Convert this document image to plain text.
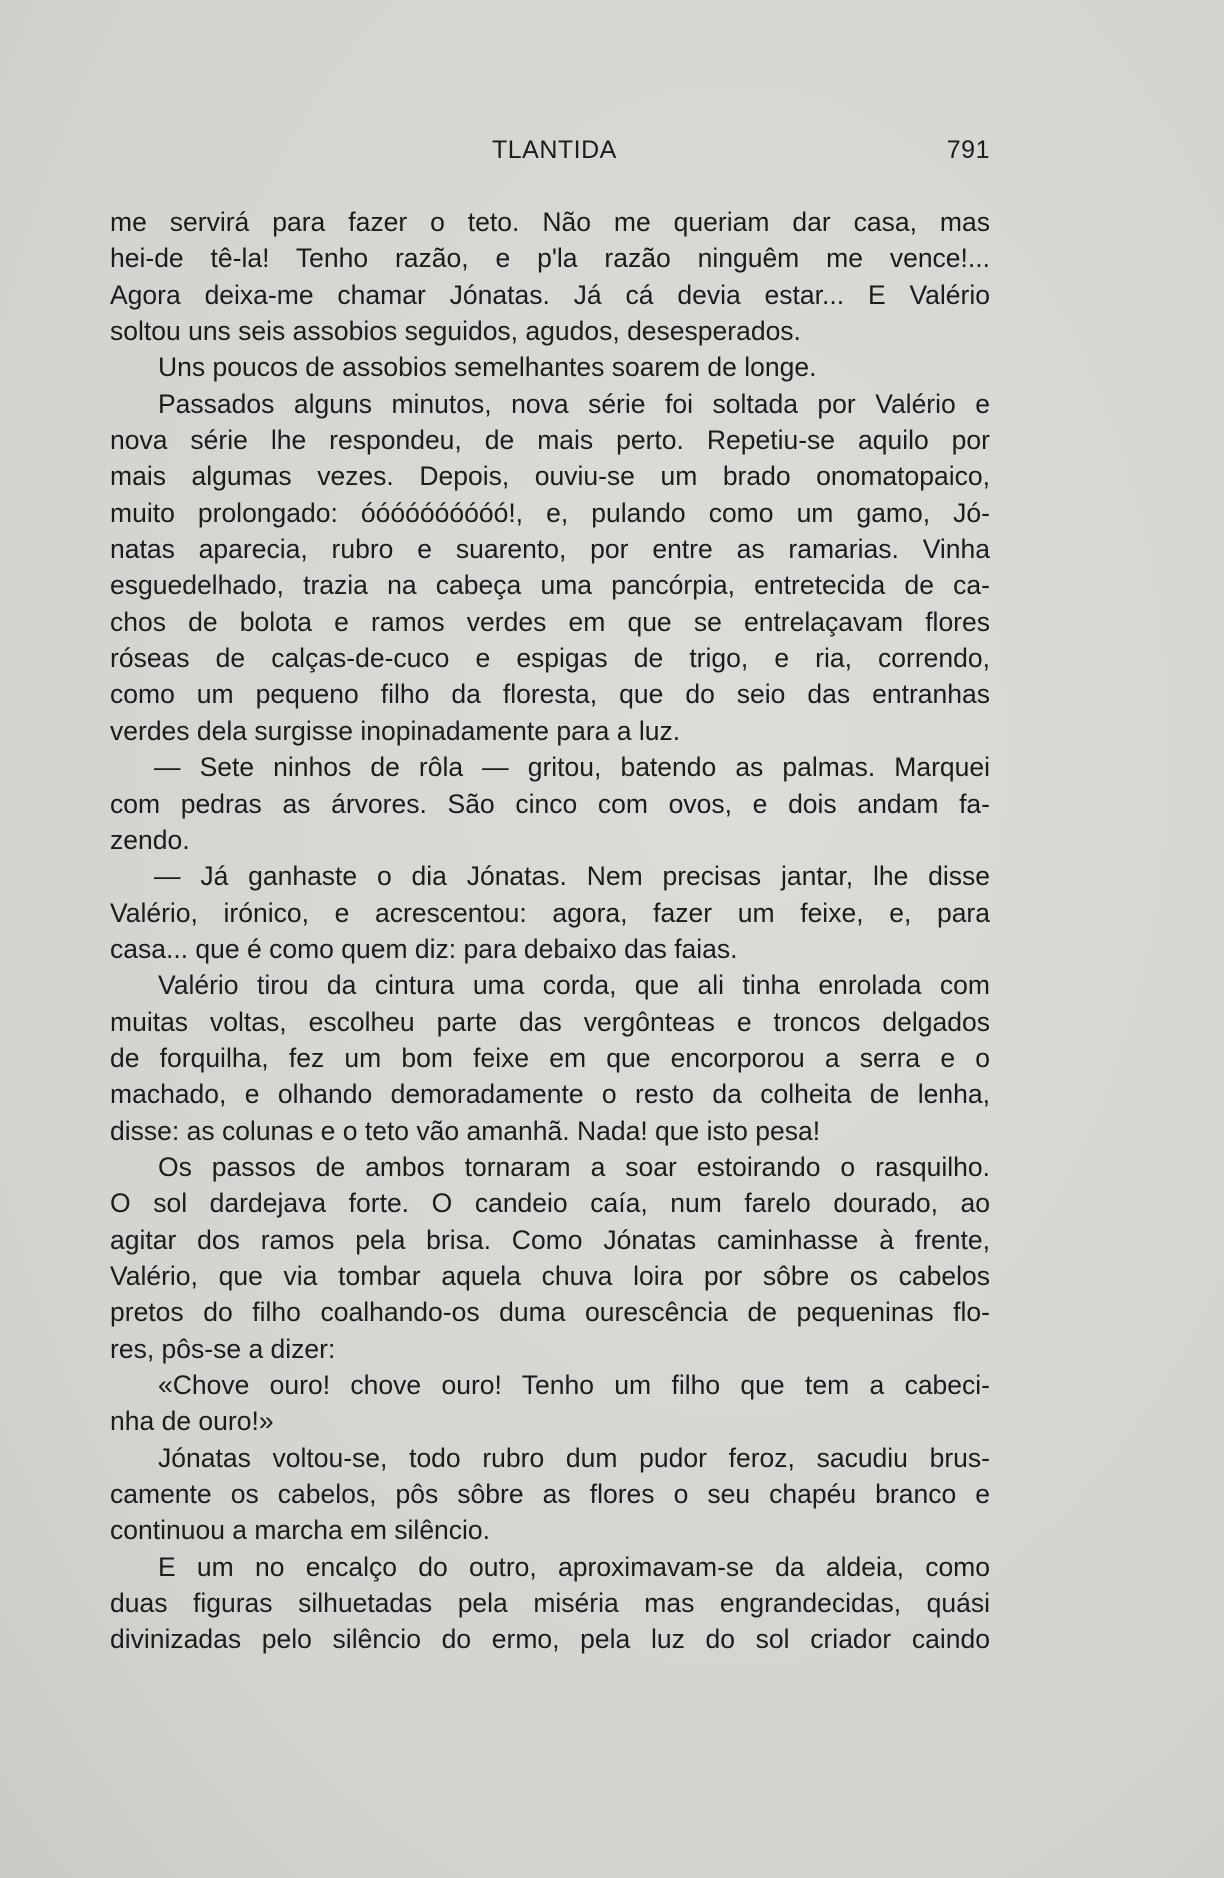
TLANTIDA	791
me servirá para fazer o teto. Não me queriam dar casa, mas
hei-de tê-la! Tenho razão, e p'la razão ninguêm me vence!...
Agora deixa-me chamar Jónatas. Já cá devia estar... E Valério
soltou uns seis assobios seguidos, agudos, desesperados.
Uns poucos de assobios semelhantes soarem de longe.
Passados alguns minutos, nova série foi soltada por Valério e
nova série lhe respondeu, de mais perto. Repetiu-se aquilo por
mais algumas vezes. Depois, ouviu-se um brado onomatopaico,
muito prolongado: óóóóóóóóóó!, e, pulando como um gamo, Jó-
natas aparecia, rubro e suarento, por entre as ramarias. Vinha
esguedelhado, trazia na cabeça uma pancórpia, entretecida de ca-
chos de bolota e ramos verdes em que se entrelaçavam flores
róseas de calças-de-cuco e espigas de trigo, e ria, correndo,
como um pequeno filho da floresta, que do seio das entranhas
verdes dela surgisse inopinadamente para a luz.
— Sete ninhos de rôla — gritou, batendo as palmas. Marquei
com pedras as árvores. São cinco com ovos, e dois andam fa-
zendo.
— Já ganhaste o dia Jónatas. Nem precisas jantar, lhe disse
Valério, irónico, e acrescentou: agora, fazer um feixe, e, para
casa... que é como quem diz: para debaixo das faias.
Valério tirou da cintura uma corda, que ali tinha enrolada com
muitas voltas, escolheu parte das vergônteas e troncos delgados
de forquilha, fez um bom feixe em que encorporou a serra e o
machado, e olhando demoradamente o resto da colheita de lenha,
disse: as colunas e o teto vão amanhã. Nada! que isto pesa!
Os passos de ambos tornaram a soar estoirando o rasquilho.
O sol dardejava forte. O candeio caía, num farelo dourado, ao
agitar dos ramos pela brisa. Como Jónatas caminhasse à frente,
Valério, que via tombar aquela chuva loira por sôbre os cabelos
pretos do filho coalhando-os duma ourescência de pequeninas flo-
res, pôs-se a dizer:
«Chove ouro! chove ouro! Tenho um filho que tem a cabeci-
nha de ouro!»
Jónatas voltou-se, todo rubro dum pudor feroz, sacudiu brus-
camente os cabelos, pôs sôbre as flores o seu chapéu branco e
continuou a marcha em silêncio.
E um no encalço do outro, aproximavam-se da aldeia, como
duas figuras silhuetadas pela miséria mas engrandecidas, quási
divinizadas pelo silêncio do ermo, pela luz do sol criador caindo
